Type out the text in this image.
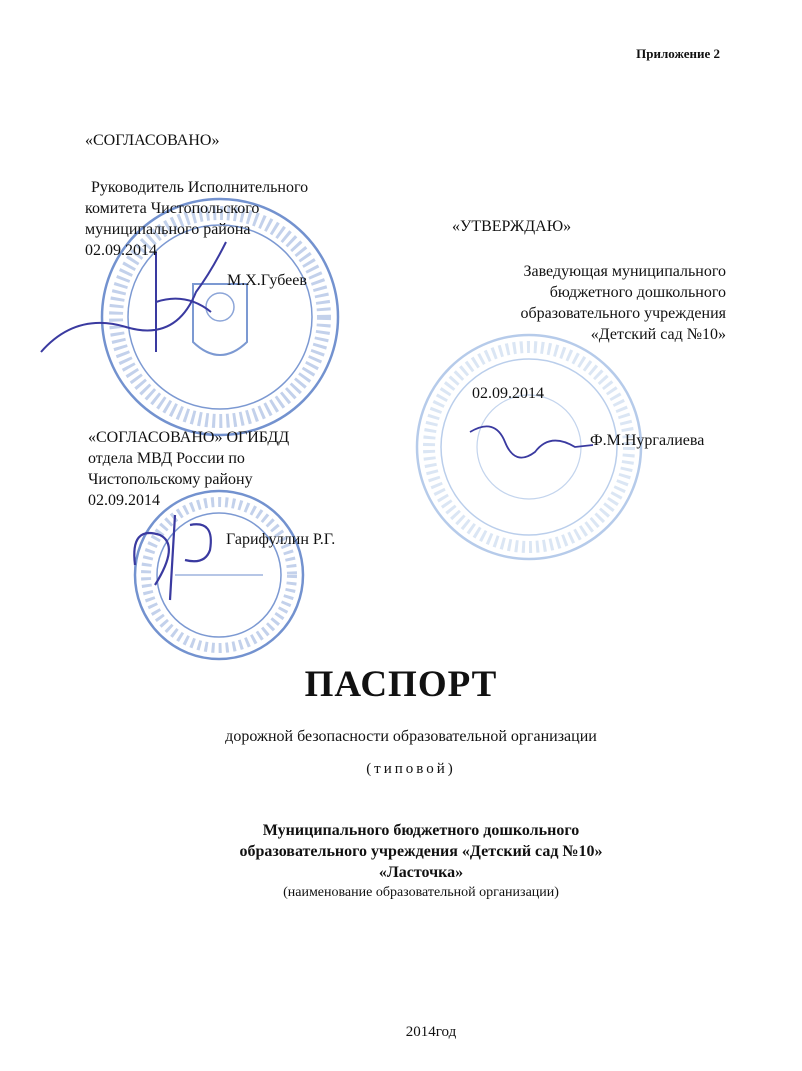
Приложение 2
«СОГЛАСОВАНО»
Руководитель Исполнительного
комитета Чистопольского
муниципального района
02.09.2014
М.Х.Губеев
«УТВЕРЖДАЮ»
Заведующая муниципального
бюджетного дошкольного
образовательного учреждения
«Детский сад №10»
02.09.2014
Ф.М.Нургалиева
«СОГЛАСОВАНО» ОГИБДД
отдела МВД России по
Чистопольскому району
02.09.2014
Гарифуллин Р.Г.
ПАСПОРТ
дорожной безопасности образовательной организации
(типовой)
Муниципального бюджетного дошкольного
образовательного учреждения «Детский сад №10»
«Ласточка»
(наименование образовательной организации)
2014год
